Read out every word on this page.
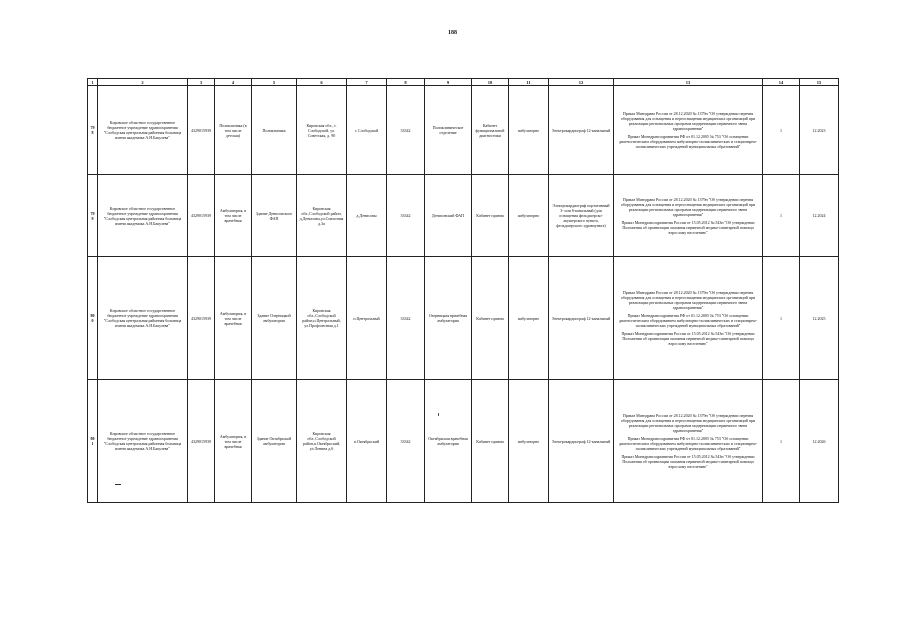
188
1	2	3	4	5	6	7	8	9	10	11	12	13	14	15
798	Кировское областное государственное бюджетное учреждение здравоохранения "Слободская центральная районная больница имени академика А.Н.Бакулева"	4329015939	Поликлиника (в том числе детская)	Поликлиника	Кировская обл., г. Слободской, ул. Советская, д. 90	г. Слободской	33342	Поликлиническое отделение	Кабинет функциональной диагностики	амбулаторно	Электрокардиограф 12-канальный	Приказ Минздрава России от 28.12.2020 № 1379н "Об утверждении перечня оборудования для оснащения и переоснащения медицинских организаций при реализации региональных программ модернизации первичного звена здравоохранения"
Приказ Минздравсоцразвития РФ от 01.12.2005 № 753 "Об оснащении диагностическим оборудованием амбулаторно-поликлинических и стационарно-поликлинических учреждений муниципальных образований"	1	12.2023
799	Кировское областное государственное бюджетное учреждение здравоохранения "Слободская центральная районная больница имени академика А.Н.Бакулева"	4329015939	Амбулатория, в том числе врачебная	Здание Денисовского ФАП	Кировская обл.,Слободской район, д.Денисовы,ул.Совхозная д.3а	д.Денисовы	33342	Денисовский ФАП	Кабинет приема	амбулаторно	Электрокардиограф портативный 3- или 6-канальный (для оснащения фельдшерско-акушерского пункта, фельдшерского здравпункта)	Приказ Минздрава России от 28.12.2020 № 1379н "Об утверждении перечня оборудования для оснащения и переоснащения медицинских организаций при реализации региональных программ модернизации первичного звена здравоохранения"
Приказ Минздравсоцразвития России от 15.05.2012 № 543н "Об утверждении Положения об организации оказания первичной медико-санитарной помощи взрослому населению"	1	12.2024
800	Кировское областное государственное бюджетное учреждение здравоохранения "Слободская центральная районная больница имени академика А.Н.Бакулева"	4329015939	Амбулатория, в том числе врачебная	Здание Озерницкой амбулатории	Кировская обл.,Слободской район,п.Центральный, ул.Профсоюзная д.1	п.Центральный	33342	Озерницкая врачебная амбулатория	Кабинет приема	амбулаторно	Электрокардиограф 12-канальный	Приказ Минздрава России от 28.12.2020 № 1379н "Об утверждении перечня оборудования для оснащения и переоснащения медицинских организаций при реализации региональных программ модернизации первичного звена здравоохранения"
Приказ Минздравсоцразвития РФ от 01.12.2005 № 753 "Об оснащении диагностическим оборудованием амбулаторно-поликлинических и стационарно-поликлинических учреждений муниципальных образований"
Приказ Минздравсоцразвития России от 15.05.2012 № 543н "Об утверждении Положения об организации оказания первичной медико-санитарной помощи взрослому населению"	1	12.2025
801	Кировское областное государственное бюджетное учреждение здравоохранения "Слободская центральная районная больница имени академика А.Н.Бакулева"	4329015939	Амбулатория, в том числе врачебная	Здание Октябрьской амбулатории	Кировская обл.,Слободской район,п.Октябрьский, ул.Ленина д.6	п.Октябрьский	33342	Октябрьская врачебная амбулатория	Кабинет приема	амбулаторно	Электрокардиограф 12-канальный	Приказ Минздрава России от 28.12.2020 № 1379н "Об утверждении перечня оборудования для оснащения и переоснащения медицинских организаций при реализации региональных программ модернизации первичного звена здравоохранения"
Приказ Минздравсоцразвития РФ от 01.12.2005 № 753 "Об оснащении диагностическим оборудованием амбулаторно-поликлинических и стационарно-поликлинических учреждений муниципальных образований"
Приказ Минздравсоцразвития России от 15.05.2012 № 543н "Об утверждении Положения об организации оказания первичной медико-санитарной помощи взрослому населению"	1	12.2026
